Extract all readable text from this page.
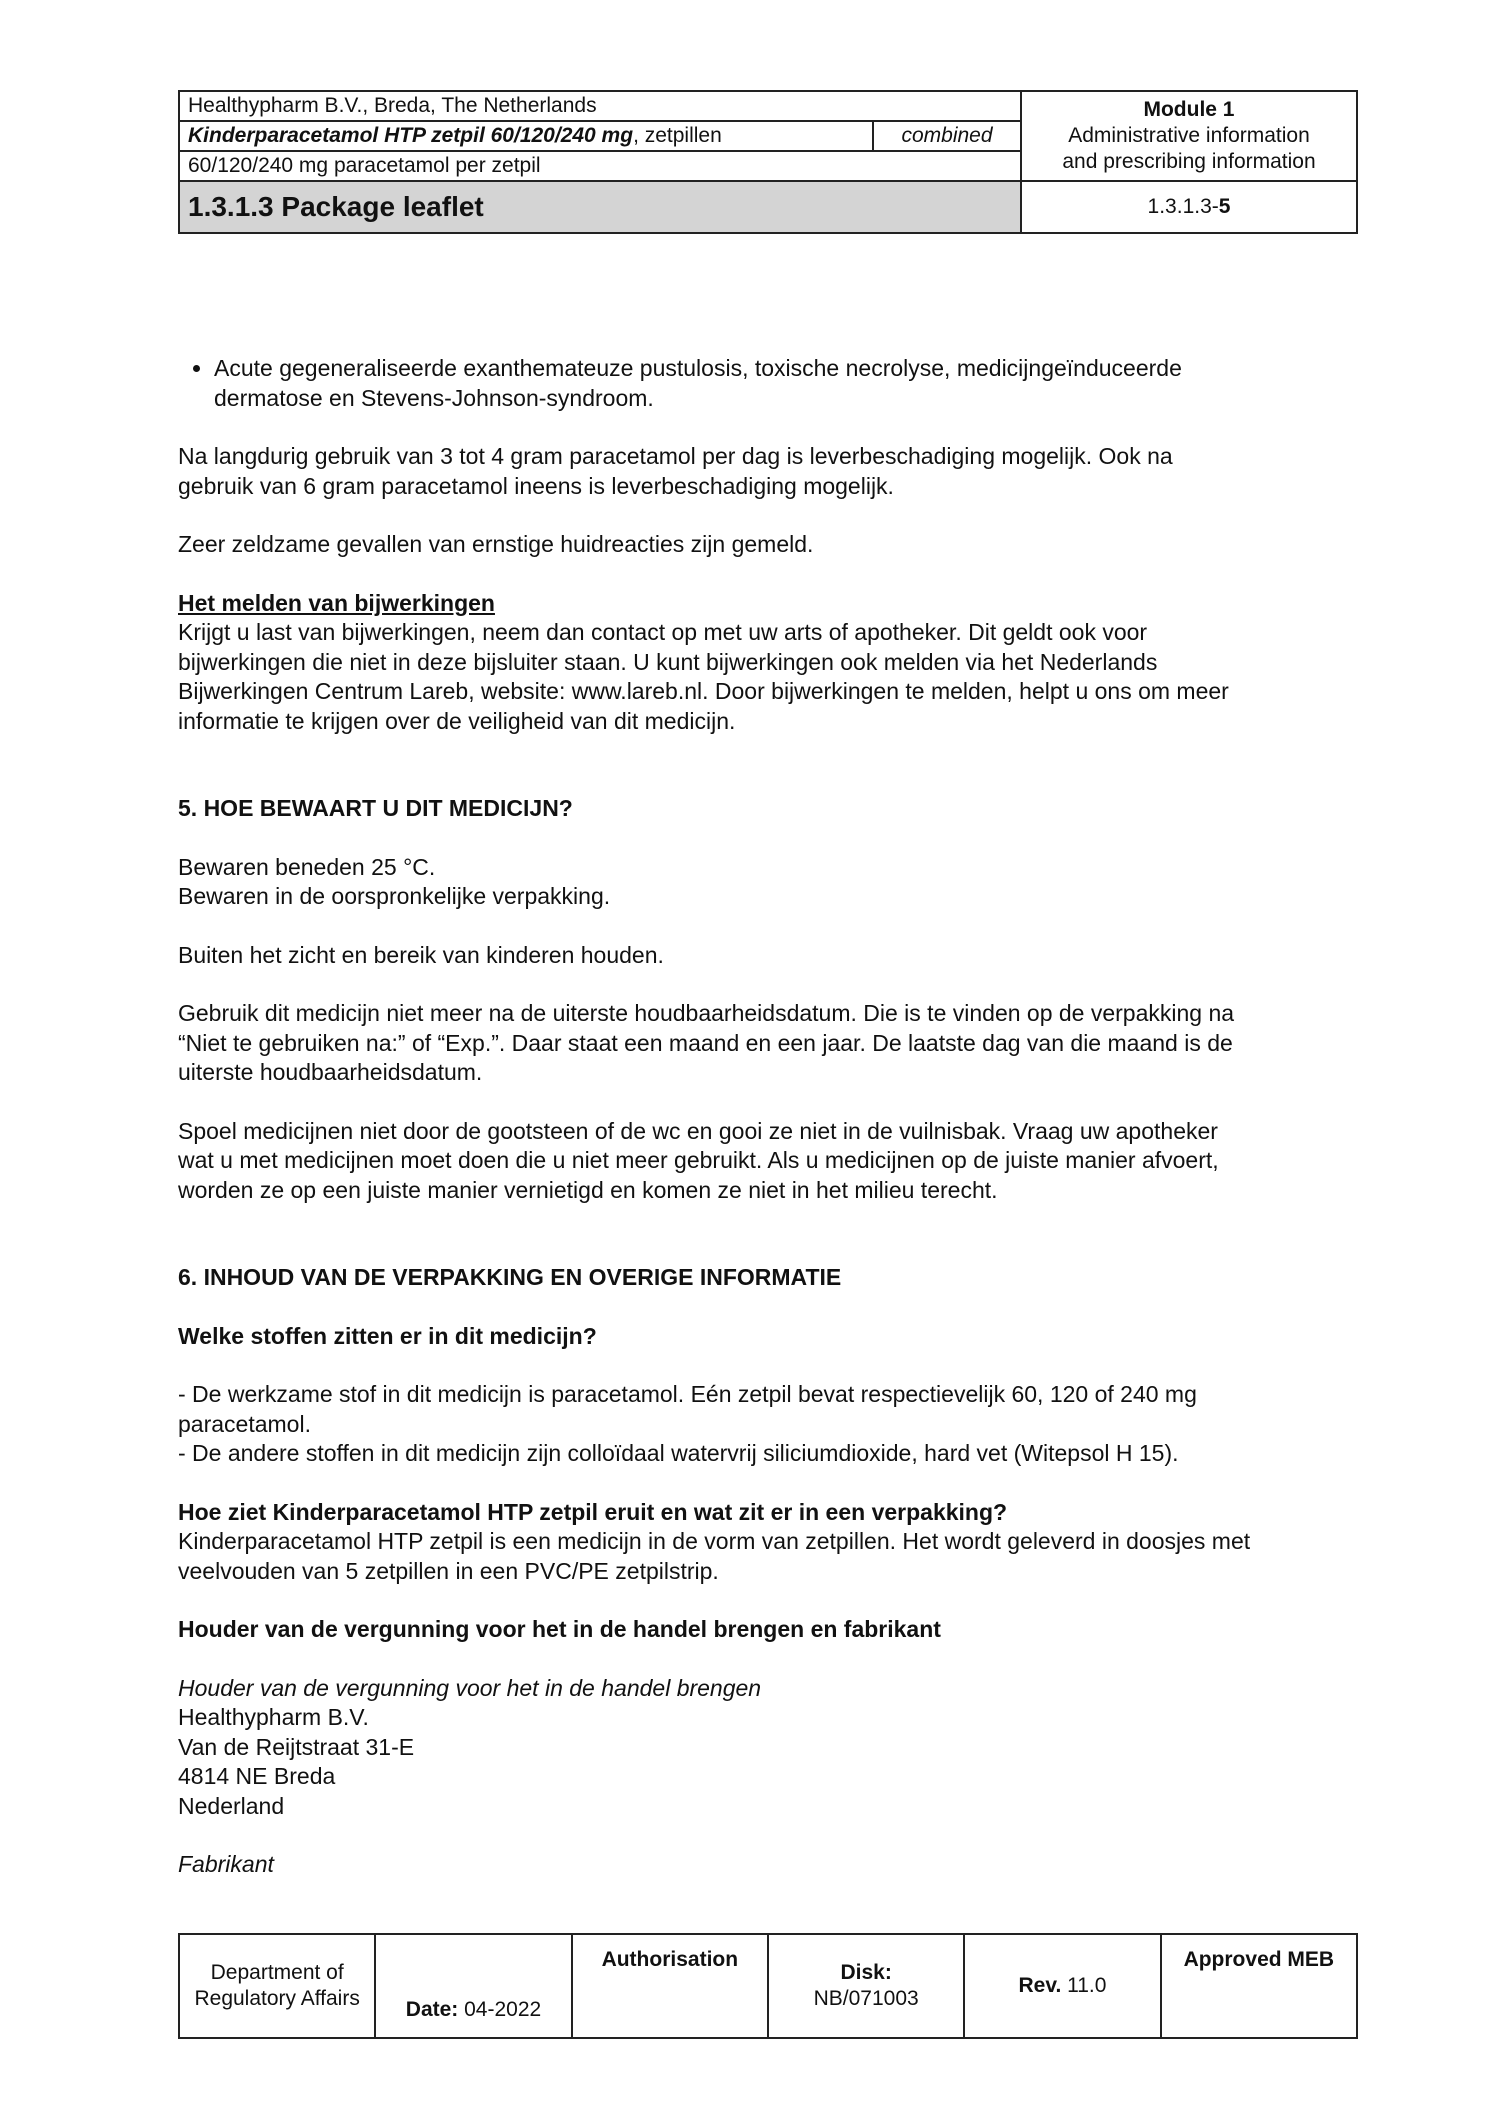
Healthypharm B.V., Breda, The Netherlands		Module 1
Administrative information
and prescribing information
Kinderparacetamol HTP zetpil 60/120/240 mg, zetpillen	combined	
60/120/240 mg paracetamol per zetpil		
1.3.1.3 Package leaflet		1.3.1.3-5
• Acute gegeneraliseerde exanthemateuze pustulosis, toxische necrolyse, medicijngeïnduceerde
dermatose en Stevens-Johnson-syndroom.

Na langdurig gebruik van 3 tot 4 gram paracetamol per dag is leverbeschadiging mogelijk. Ook na
gebruik van 6 gram paracetamol ineens is leverbeschadiging mogelijk.

Zeer zeldzame gevallen van ernstige huidreacties zijn gemeld.

Het melden van bijwerkingen
Krijgt u last van bijwerkingen, neem dan contact op met uw arts of apotheker. Dit geldt ook voor
bijwerkingen die niet in deze bijsluiter staan. U kunt bijwerkingen ook melden via het Nederlands
Bijwerkingen Centrum Lareb, website: www.lareb.nl. Door bijwerkingen te melden, helpt u ons om meer
informatie te krijgen over de veiligheid van dit medicijn.

5. HOE BEWAART U DIT MEDICIJN?

Bewaren beneden 25 °C.
Bewaren in de oorspronkelijke verpakking.

Buiten het zicht en bereik van kinderen houden.

Gebruik dit medicijn niet meer na de uiterste houdbaarheidsdatum. Die is te vinden op de verpakking na
“Niet te gebruiken na:” of “Exp.”. Daar staat een maand en een jaar. De laatste dag van die maand is de
uiterste houdbaarheidsdatum.

Spoel medicijnen niet door de gootsteen of de wc en gooi ze niet in de vuilnisbak. Vraag uw apotheker
wat u met medicijnen moet doen die u niet meer gebruikt. Als u medicijnen op de juiste manier afvoert,
worden ze op een juiste manier vernietigd en komen ze niet in het milieu terecht.

6. INHOUD VAN DE VERPAKKING EN OVERIGE INFORMATIE

Welke stoffen zitten er in dit medicijn?

- De werkzame stof in dit medicijn is paracetamol. Eén zetpil bevat respectievelijk 60, 120 of 240 mg
paracetamol.
- De andere stoffen in dit medicijn zijn colloïdaal watervrij siliciumdioxide, hard vet (Witepsol H 15).

Hoe ziet Kinderparacetamol HTP zetpil eruit en wat zit er in een verpakking?
Kinderparacetamol HTP zetpil is een medicijn in de vorm van zetpillen. Het wordt geleverd in doosjes met
veelvouden van 5 zetpillen in een PVC/PE zetpilstrip.

Houder van de vergunning voor het in de handel brengen en fabrikant

Houder van de vergunning voor het in de handel brengen
Healthypharm B.V.
Van de Reijtstraat 31-E
4814 NE Breda
Nederland

Fabrikant

Department of
Regulatory Affairs	Date: 04-2022	Authorisation	Disk:
NB/071003	Rev. 11.0	Approved MEB
